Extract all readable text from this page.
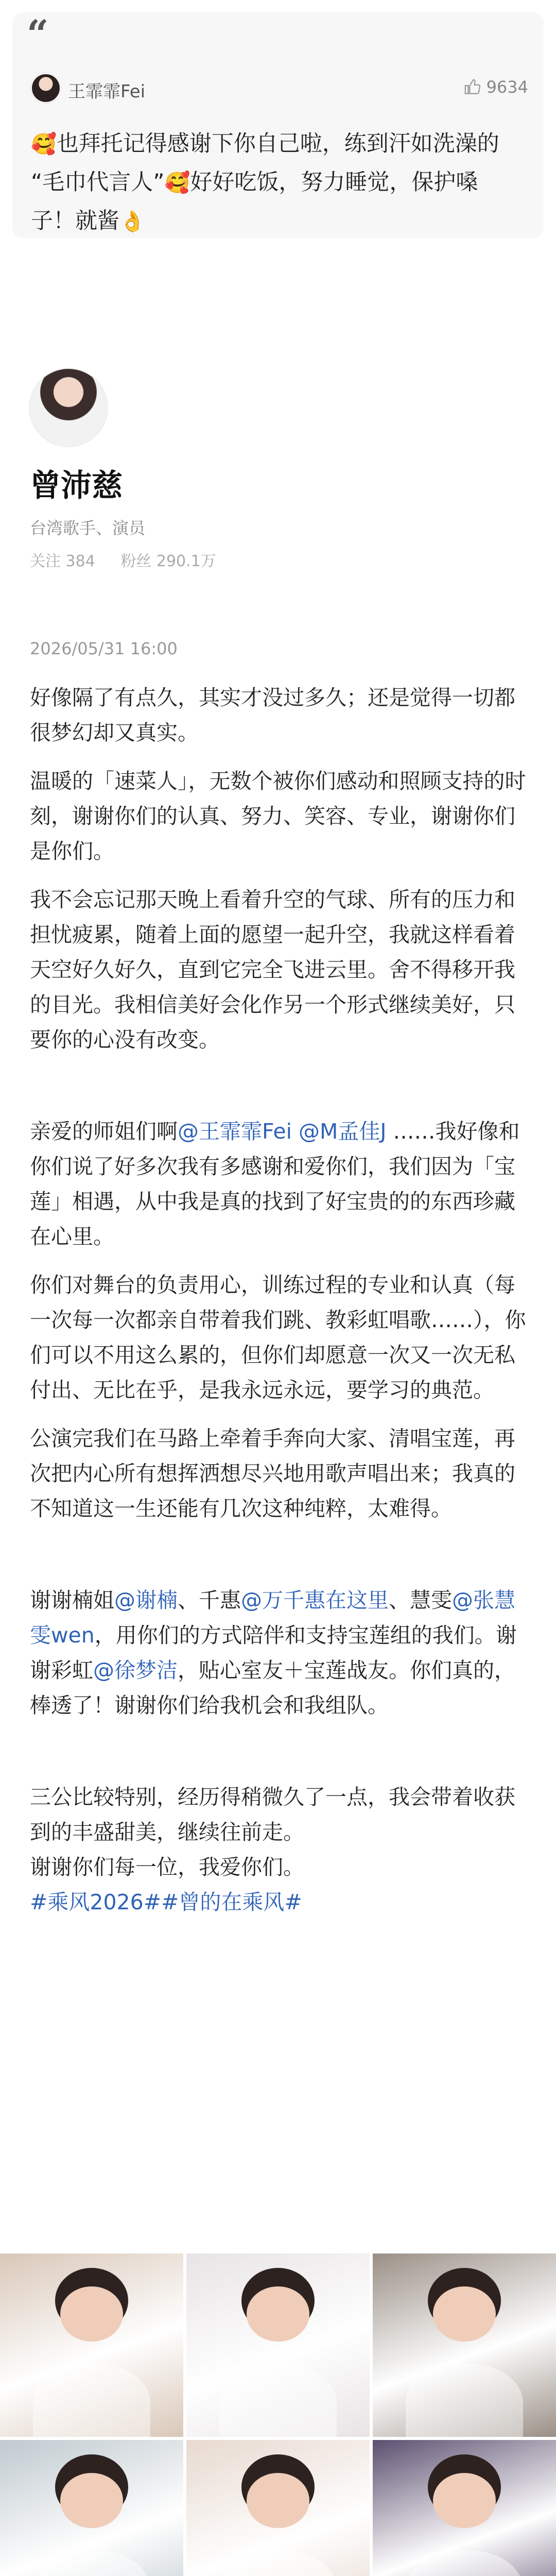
“
王霏霏Fei	9634
🥰也拜托记得感谢下你自己啦，练到汗如洗澡的
“毛巾代言人”🥰好好吃饭，努力睡觉，保护嗓
子！就酱👌
曾沛慈
台湾歌手、演员
关注 384 粉丝 290.1万
2026/05/31 16:00

好像隔了有点久，其实才没过多久；还是觉得一切都很梦幻却又真实。

温暖的「速菜人」，无数个被你们感动和照顾支持的时刻，谢谢你们的认真、努力、笑容、专业，谢谢你们是你们。

我不会忘记那天晚上看着升空的气球、所有的压力和担忧疲累，随着上面的愿望一起升空，我就这样看着天空好久好久，直到它完全飞进云里。舍不得移开我的目光。我相信美好会化作另一个形式继续美好，只要你的心没有改变。

亲爱的师姐们啊@王霏霏Fei @M孟佳J ……我好像和你们说了好多次我有多感谢和爱你们，我们因为「宝莲」相遇，从中我是真的找到了好宝贵的的东西珍藏在心里。

你们对舞台的负责用心，训练过程的专业和认真（每一次每一次都亲自带着我们跳、教彩虹唱歌……），你们可以不用这么累的，但你们却愿意一次又一次无私付出、无比在乎，是我永远永远，要学习的典范。

公演完我们在马路上牵着手奔向大家、清唱宝莲，再次把内心所有想挥洒想尽兴地用歌声唱出来；我真的不知道这一生还能有几次这种纯粹，太难得。

谢谢楠姐@谢楠、千惠@万千惠在这里、慧雯@张慧雯wen，用你们的方式陪伴和支持宝莲组的我们。谢谢彩虹@徐梦洁，贴心室友＋宝莲战友。你们真的，棒透了！谢谢你们给我机会和我组队。

三公比较特别，经历得稍微久了一点，我会带着收获到的丰盛甜美，继续往前走。

谢谢你们每一位，我爱你们。

#乘风2026##曾的在乘风#
